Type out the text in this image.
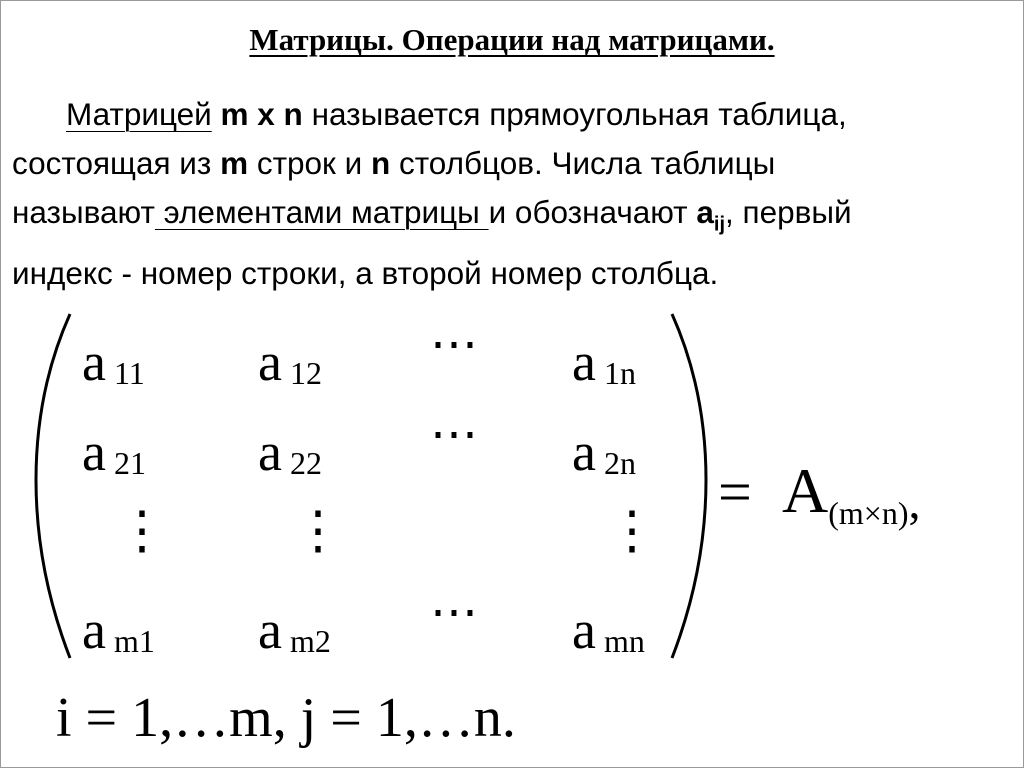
Матрицы. Операции над матрицами.
Матрицей m x n называется прямоугольная таблица,
состоящая из m строк и n столбцов. Числа таблицы
называют элементами матрицы и обозначают $a_{ij}$, первый
индекс - номер строки, а второй номер столбца.
a 11 a 12
⋯ a 1n
a 21 a 22
⋯ a 2n
⋮ ⋮	⋮
am1 am2
⋯ amn
= A(m×n),
i = 1,…m, j = 1,…n.
